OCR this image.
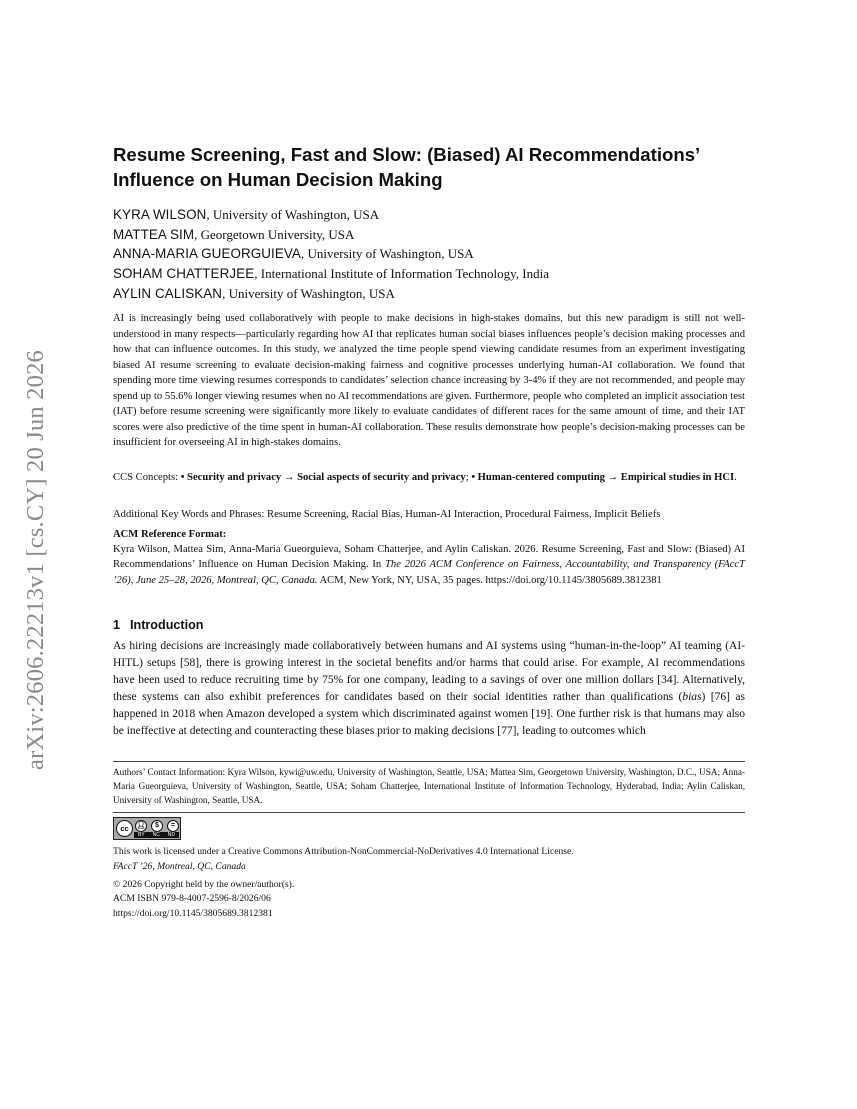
arXiv:2606.22213v1 [cs.CY] 20 Jun 2026
Resume Screening, Fast and Slow: (Biased) AI Recommendations’ Influence on Human Decision Making
KYRA WILSON, University of Washington, USA
MATTEA SIM, Georgetown University, USA
ANNA-MARIA GUEORGUIEVA, University of Washington, USA
SOHAM CHATTERJEE, International Institute of Information Technology, India
AYLIN CALISKAN, University of Washington, USA

AI is increasingly being used collaboratively with people to make decisions in high-stakes domains, but this new paradigm is still not well-understood in many respects—particularly regarding how AI that replicates human social biases influences people’s decision making processes and how that can influence outcomes. In this study, we analyzed the time people spend viewing candidate resumes from an experiment investigating biased AI resume screening to evaluate decision-making fairness and cognitive processes underlying human-AI collaboration. We found that spending more time viewing resumes corresponds to candidates’ selection chance increasing by 3-4% if they are not recommended, and people may spend up to 55.6% longer viewing resumes when no AI recommendations are given. Furthermore, people who completed an implicit association test (IAT) before resume screening were significantly more likely to evaluate candidates of different races for the same amount of time, and their IAT scores were also predictive of the time spent in human-AI collaboration. These results demonstrate how people’s decision-making processes can be insufficient for overseeing AI in high-stakes domains.

CCS Concepts: • Security and privacy → Social aspects of security and privacy; • Human-centered computing → Empirical studies in HCI.

Additional Key Words and Phrases: Resume Screening, Racial Bias, Human-AI Interaction, Procedural Fairness, Implicit Beliefs

ACM Reference Format:
Kyra Wilson, Mattea Sim, Anna-Maria Gueorguieva, Soham Chatterjee, and Aylin Caliskan. 2026. Resume Screening, Fast and Slow: (Biased) AI Recommendations’ Influence on Human Decision Making. In The 2026 ACM Conference on Fairness, Accountability, and Transparency (FAccT ’26), June 25–28, 2026, Montreal, QC, Canada. ACM, New York, NY, USA, 35 pages. https://doi.org/10.1145/3805689.3812381

1 Introduction

As hiring decisions are increasingly made collaboratively between humans and AI systems using “human-in-the-loop” AI teaming (AI-HITL) setups [58], there is growing interest in the societal benefits and/or harms that could arise. For example, AI recommendations have been used to reduce recruiting time by 75% for one company, leading to a savings of over one million dollars [34]. Alternatively, these systems can also exhibit preferences for candidates based on their social identities rather than qualifications (bias) [76] as happened in 2018 when Amazon developed a system which discriminated against women [19]. One further risk is that humans may also be ineffective at detecting and counteracting these biases prior to making decisions [77], leading to outcomes which

Authors’ Contact Information: Kyra Wilson, kywi@uw.edu, University of Washington, Seattle, USA; Mattea Sim, Georgetown University, Washington, D.C., USA; Anna-Maria Gueorguieva, University of Washington, Seattle, USA; Soham Chatterjee, International Institute of Information Technology, Hyderabad, India; Aylin Caliskan, University of Washington, Seattle, USA.

cc	👤︎	$	=
BY NC ND

This work is licensed under a Creative Commons Attribution-NonCommercial-NoDerivatives 4.0 International License.
FAccT ’26, Montreal, QC, Canada

© 2026 Copyright held by the owner/author(s).
ACM ISBN 979-8-4007-2596-8/2026/06
https://doi.org/10.1145/3805689.3812381
